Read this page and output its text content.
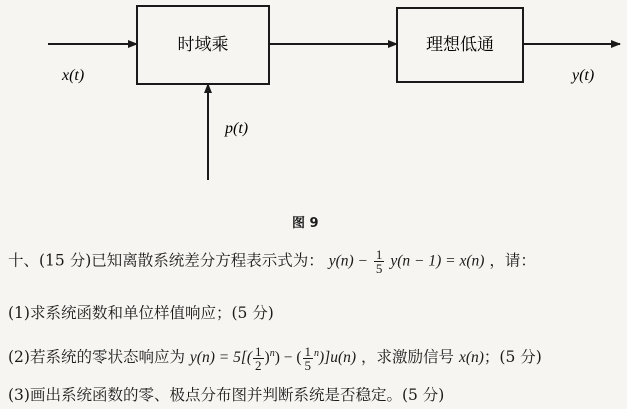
时域乘	理想低通
x(t)
p(t)
y(t)
图 9
十、(15 分)已知离散系统差分方程表示式为： $y(n) - \frac{1}{5} y(n - 1) = x(n)$ ，请：
(1)求系统函数和单位样值响应；(5 分)
(2)若系统的零状态响应为 $y(n) = 5[( \frac{1}{2} )^n)$ − ( $\frac{1}{5} ^n)]u(n)$ ，求激励信号 x(n)；(5 分)
(3)画出系统函数的零、极点分布图并判断系统是否稳定。(5 分)
